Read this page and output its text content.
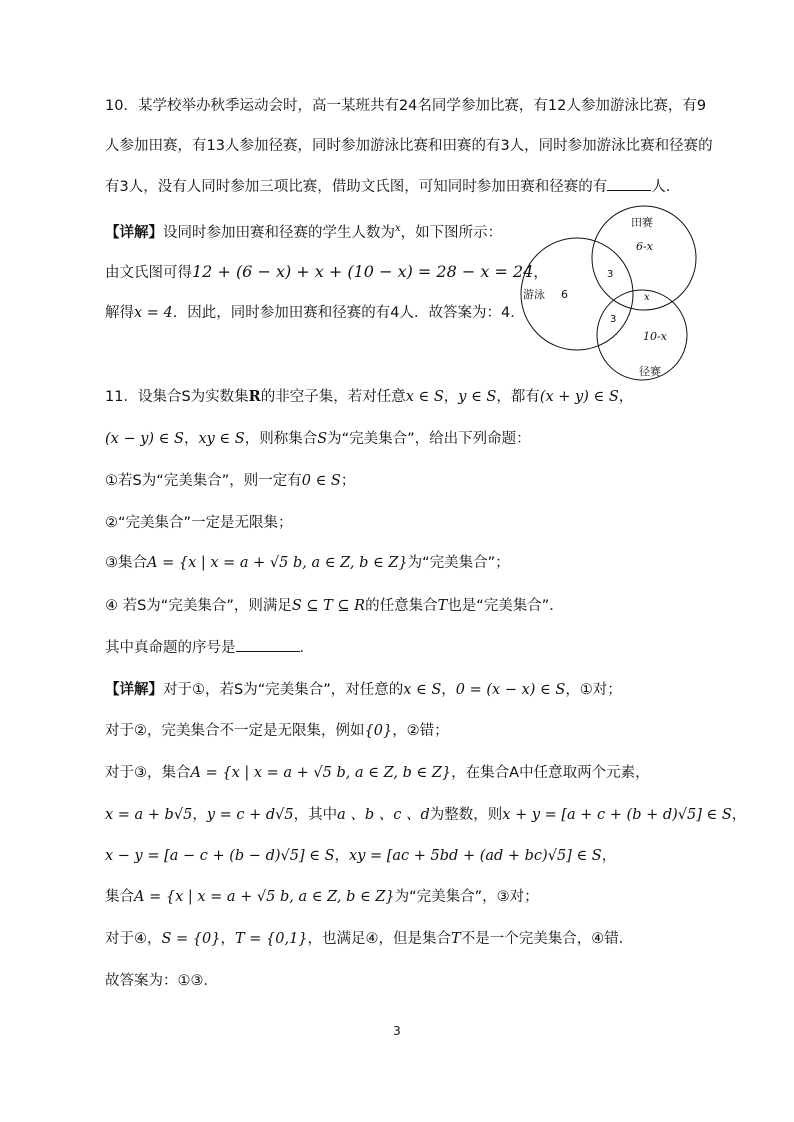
10．某学校举办秋季运动会时，高一某班共有24名同学参加比赛，有12人参加游泳比赛，有9
人参加田赛，有13人参加径赛，同时参加游泳比赛和田赛的有3人，同时参加游泳比赛和径赛的
有3人，没有人同时参加三项比赛，借助文氏图，可知同时参加田赛和径赛的有	人．
【详解】设同时参加田赛和径赛的学生人数为$^x$，如下图所示：
由文氏图可得12 + (6 − x) + x + (10 − x) = 28 − x = 24，
解得x = 4．因此，同时参加田赛和径赛的有4人．故答案为：4．
田赛
6-x
游泳 6
3
3
x
10-x
径赛
11．设集合S为实数集R的非空子集，若对任意x ∈ S，y ∈ S，都有(x + y) ∈ S，
(x − y) ∈ S，xy ∈ S，则称集合S为“完美集合”，给出下列命题：
①若S为“完美集合”，则一定有0 ∈ S；
②“完美集合”一定是无限集；
③集合A = {x | x = a + √5 b, a ∈ Z, b ∈ Z}为“完美集合”；
④ 若S为“完美集合”，则满足S ⊆ T ⊆ R的任意集合T也是“完美集合”．
其中真命题的序号是	．
【详解】对于①，若S为“完美集合”，对任意的x ∈ S，0 = (x − x) ∈ S，①对；
对于②，完美集合不一定是无限集，例如{0}，②错；
对于③，集合A = {x | x = a + √5 b, a ∈ Z, b ∈ Z}，在集合A中任意取两个元素，
x = a + b√5，y = c + d√5，其中a 、b 、c 、d为整数，则x + y = [a + c + (b + d)√5] ∈ S，
x − y = [a − c + (b − d)√5] ∈ S，xy = [ac + 5bd + (ad + bc)√5] ∈ S，
集合A = {x | x = a + √5 b, a ∈ Z, b ∈ Z}为“完美集合”，③对；
对于④，S = {0}，T = {0,1}，也满足④，但是集合T不是一个完美集合，④错．
故答案为：①③．
3
